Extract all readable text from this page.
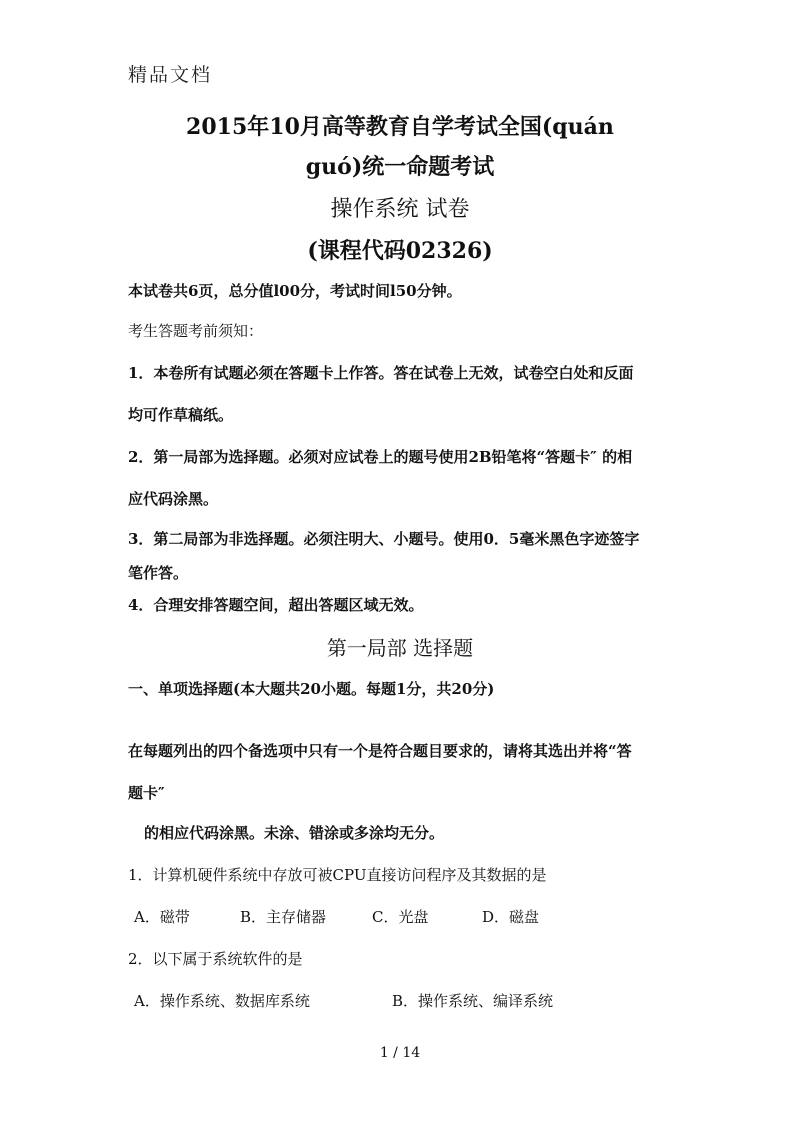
精品文档
2015年10月高等教育自学考试全国(quán
guó)统一命题考试
操作系统 试卷
(课程代码02326)
本试卷共6页，总分值l00分，考试时间l50分钟。
考生答题考前须知：
1．本卷所有试题必须在答题卡上作答。答在试卷上无效，试卷空白处和反面
均可作草稿纸。
2．第一局部为选择题。必须对应试卷上的题号使用2B铅笔将“答题卡″ 的相
应代码涂黑。
3．第二局部为非选择题。必须注明大、小题号。使用0．5毫米黑色字迹签字
笔作答。
4．合理安排答题空间，超出答题区域无效。
第一局部 选择题
一、单项选择题(本大题共20小题。每题1分，共20分)
在每题列出的四个备选项中只有一个是符合题目要求的，请将其选出并将“答
题卡″
的相应代码涂黑。未涂、错涂或多涂均无分。
1．计算机硬件系统中存放可被CPU直接访问程序及其数据的是
A．磁带	B．主存储器	C．光盘	D．磁盘
2．以下属于系统软件的是
A．操作系统、数据库系统	B．操作系统、编译系统
1 / 14
